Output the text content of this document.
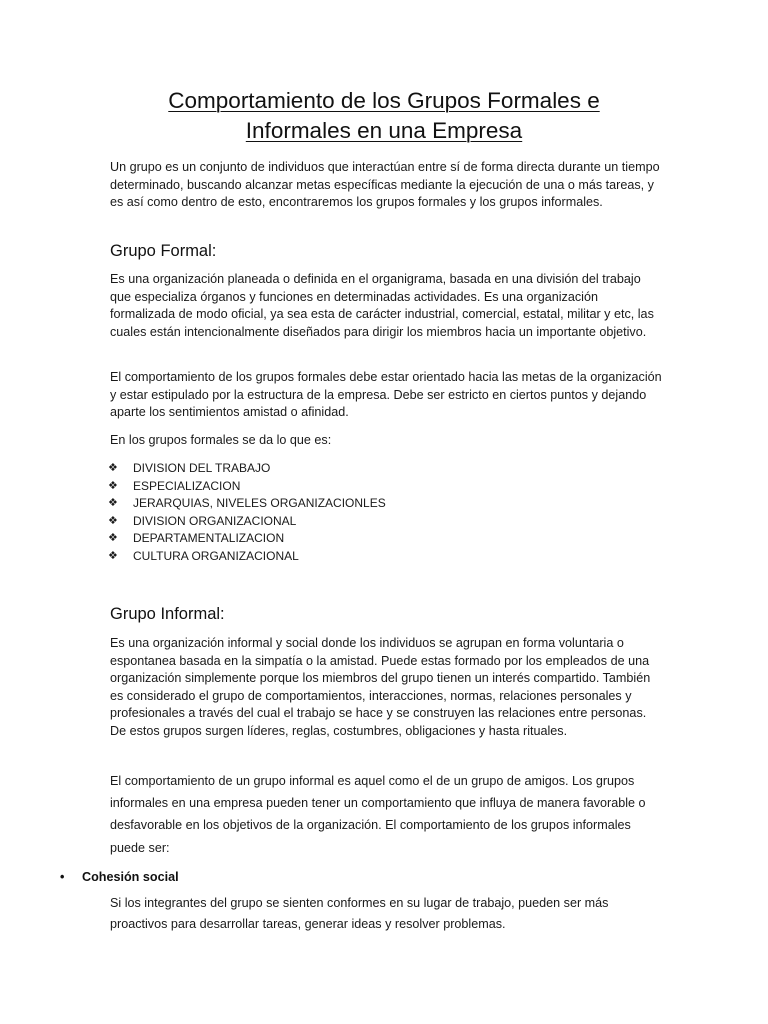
Comportamiento de los Grupos Formales e
Informales en una Empresa

Un grupo es un conjunto de individuos que interactúan entre sí de forma directa durante un tiempo determinado, buscando alcanzar metas específicas mediante la ejecución de una o más tareas, y es así como dentro de esto, encontraremos los grupos formales y los grupos informales.

Grupo Formal:

Es una organización planeada o definida en el organigrama, basada en una división del trabajo que especializa órganos y funciones en determinadas actividades. Es una organización formalizada de modo oficial, ya sea esta de carácter industrial, comercial, estatal, militar y etc, las cuales están intencionalmente diseñados para dirigir los miembros hacia un importante objetivo.

El comportamiento de los grupos formales debe estar orientado hacia las metas de la organización y estar estipulado por la estructura de la empresa. Debe ser estricto en ciertos puntos y dejando aparte los sentimientos amistad o afinidad.

En los grupos formales se da lo que es:

❖ DIVISION DEL TRABAJO
❖ ESPECIALIZACION
❖ JERARQUIAS, NIVELES ORGANIZACIONLES
❖ DIVISION ORGANIZACIONAL
❖ DEPARTAMENTALIZACION
❖ CULTURA ORGANIZACIONAL
Grupo Informal:

Es una organización informal y social donde los individuos se agrupan en forma voluntaria o espontanea basada en la simpatía o la amistad. Puede estas formado por los empleados de una organización simplemente porque los miembros del grupo tienen un interés compartido. También es considerado el grupo de comportamientos, interacciones, normas, relaciones personales y profesionales a través del cual el trabajo se hace y se construyen las relaciones entre personas. De estos grupos surgen líderes, reglas, costumbres, obligaciones y hasta rituales.

El comportamiento de un grupo informal es aquel como el de un grupo de amigos. Los grupos informales en una empresa pueden tener un comportamiento que influya de manera favorable o desfavorable en los objetivos de la organización. El comportamiento de los grupos informales puede ser:

• Cohesión social

Si los integrantes del grupo se sienten conformes en su lugar de trabajo, pueden ser más proactivos para desarrollar tareas, generar ideas y resolver problemas.
